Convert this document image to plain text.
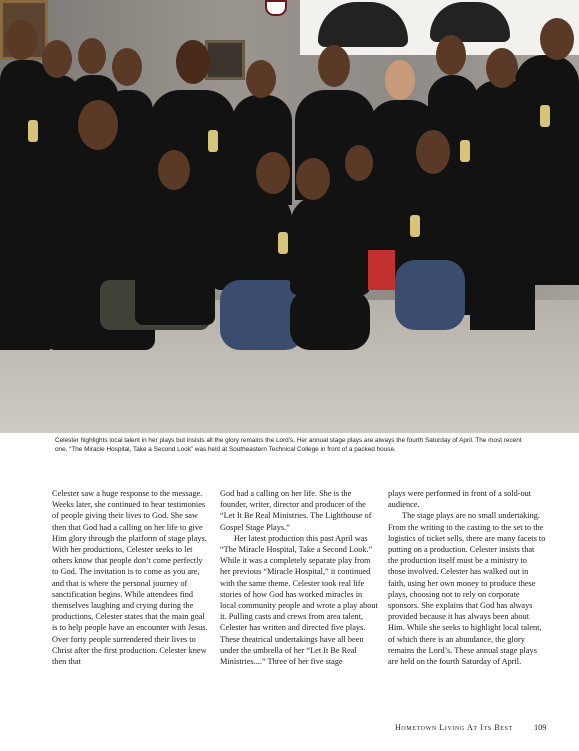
Celester highlights local talent in her plays but insists all the glory remains the Lord’s. Her annual stage plays are always the fourth Saturday of April. The most recent one, “The Miracle Hospital, Take a Second Look” was held at Southeastern Technical College in front of a packed house.

Celester saw a huge response to the message. Weeks later, she continued to hear testimonies of people giving their lives to God. She saw then that God had a calling on her life to give Him glory through the platform of stage plays. With her productions, Celester seeks to let others know that people don’t come perfectly to God. The invitation is to come as you are, and that is where the personal journey of sanctification begins. While attendees find themselves laughing and crying during the productions, Celester states that the main goal is to help people have an encounter with Jesus. Over forty people surrendered their lives to Christ after the first production. Celester knew then that

God had a calling on her life. She is the founder, writer, director and producer of the “Let It Be Real Ministries. The Lighthouse of Gospel Stage Plays.”

Her latest production this past April was “The Miracle Hospital, Take a Second Look.” While it was a completely separate play from her previous “Miracle Hospital,” it continued with the same theme. Celester took real life stories of how God has worked miracles in local community people and wrote a play about it. Pulling casts and crews from area talent, Celester has written and directed five plays. These theatrical undertakings have all been under the umbrella of her “Let It Be Real Ministries....” Three of her five stage

plays were performed in front of a sold-out audience.

The stage plays are no small undertaking. From the writing to the casting to the set to the logistics of ticket sells, there are many facets to putting on a production. Celester insists that the production itself must be a ministry to those involved. Celester has walked out in faith, using her own money to produce these plays, choosing not to rely on corporate sponsors. She explains that God has always provided because it has always been about Him. While she seeks to highlight local talent, of which there is an abundance, the glory remains the Lord’s. These annual stage plays are held on the fourth Saturday of April.

Hometown Living At Its Best	109
